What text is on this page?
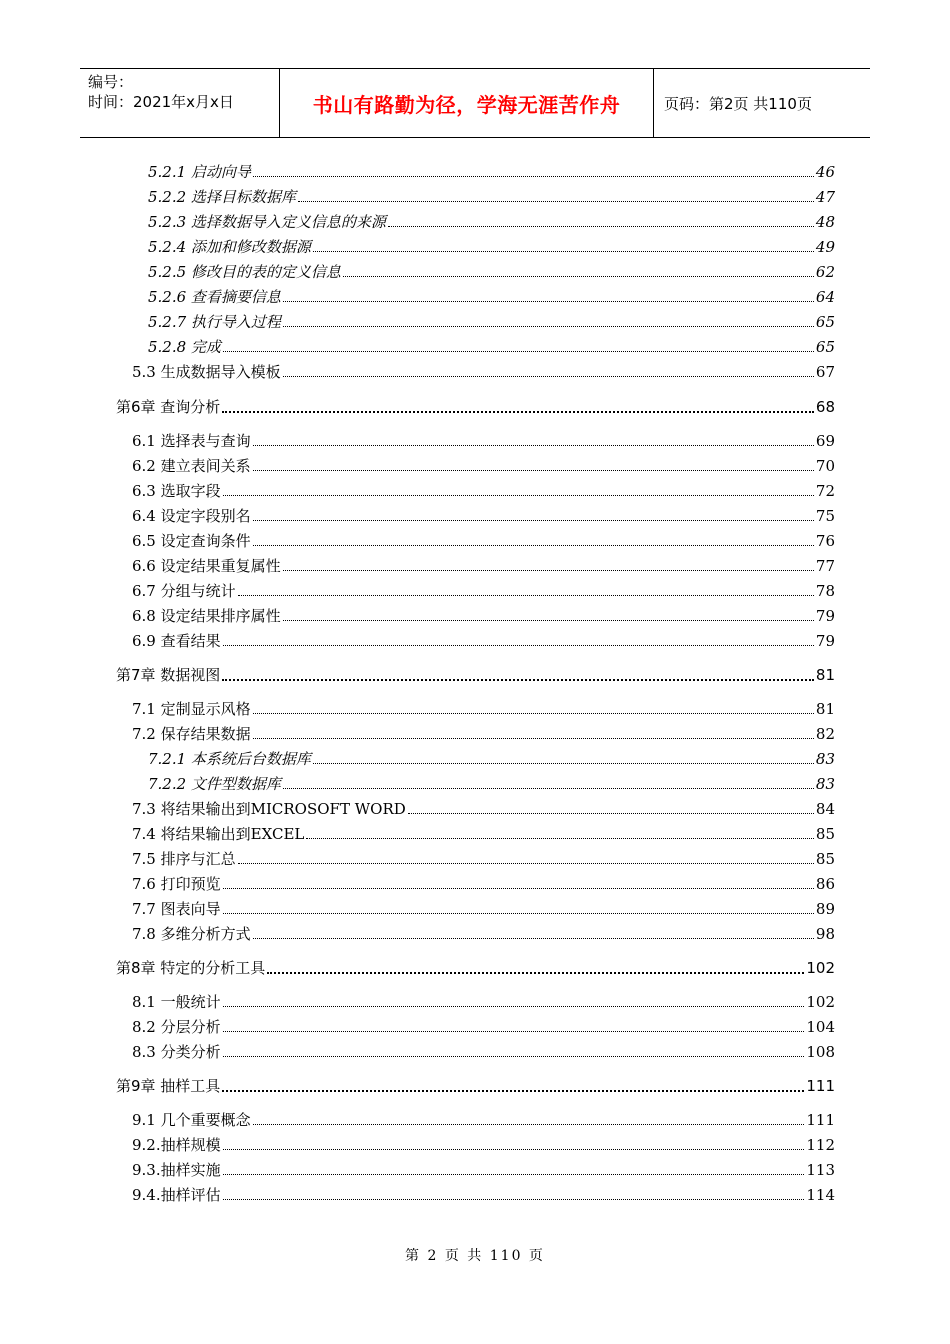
编号：
时间：2021年x月x日	书山有路勤为径，学海无涯苦作舟	页码：第2页 共110页
5.2.1 启动向导	46
5.2.2 选择目标数据库	47
5.2.3 选择数据导入定义信息的来源	48
5.2.4 添加和修改数据源	49
5.2.5 修改目的表的定义信息	62
5.2.6 查看摘要信息	64
5.2.7 执行导入过程	65
5.2.8 完成	65
5.3 生成数据导入模板	67
第6章 查询分析	68
6.1 选择表与查询	69
6.2 建立表间关系	70
6.3 选取字段	72
6.4 设定字段别名	75
6.5 设定查询条件	76
6.6 设定结果重复属性	77
6.7 分组与统计	78
6.8 设定结果排序属性	79
6.9 查看结果	79
第7章 数据视图	81
7.1 定制显示风格	81
7.2 保存结果数据	82
7.2.1 本系统后台数据库	83
7.2.2 文件型数据库	83
7.3 将结果输出到MICROSOFT WORD	84
7.4 将结果输出到EXCEL	85
7.5 排序与汇总	85
7.6 打印预览	86
7.7 图表向导	89
7.8 多维分析方式	98
第8章 特定的分析工具	102
8.1 一般统计	102
8.2 分层分析	104
8.3 分类分析	108
第9章 抽样工具	111
9.1 几个重要概念	111
9.2.抽样规模	112
9.3.抽样实施	113
9.4.抽样评估	114
第 2 页 共 110 页
